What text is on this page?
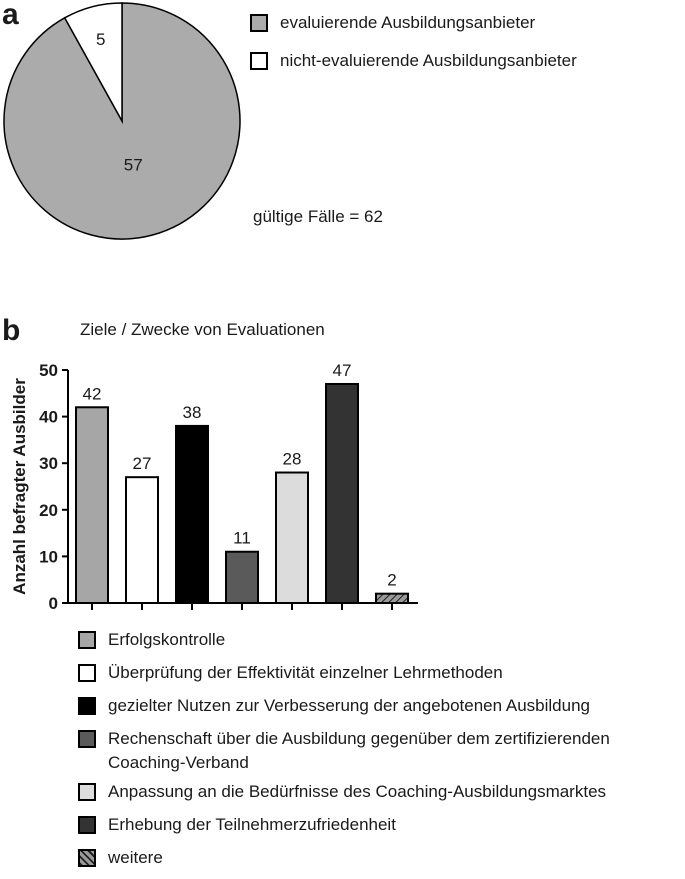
a
57
5
evaluierende Ausbildungsanbieter
nicht-evaluierende Ausbildungsanbieter
gültige Fälle = 62
b	Ziele / Zwecke von Evaluationen
Anzahl befragter Ausbilder
0
10
20
30
40
50
42
27
38
11
28
47
2
Erfolgskontrolle
Überprüfung der Effektivität einzelner Lehrmethoden
gezielter Nutzen zur Verbesserung der angebotenen Ausbildung
Rechenschaft über die Ausbildung gegenüber dem zertifizierenden Coaching-Verband
Anpassung an die Bedürfnisse des Coaching-Ausbildungsmarktes
Erhebung der Teilnehmerzufriedenheit
weitere
